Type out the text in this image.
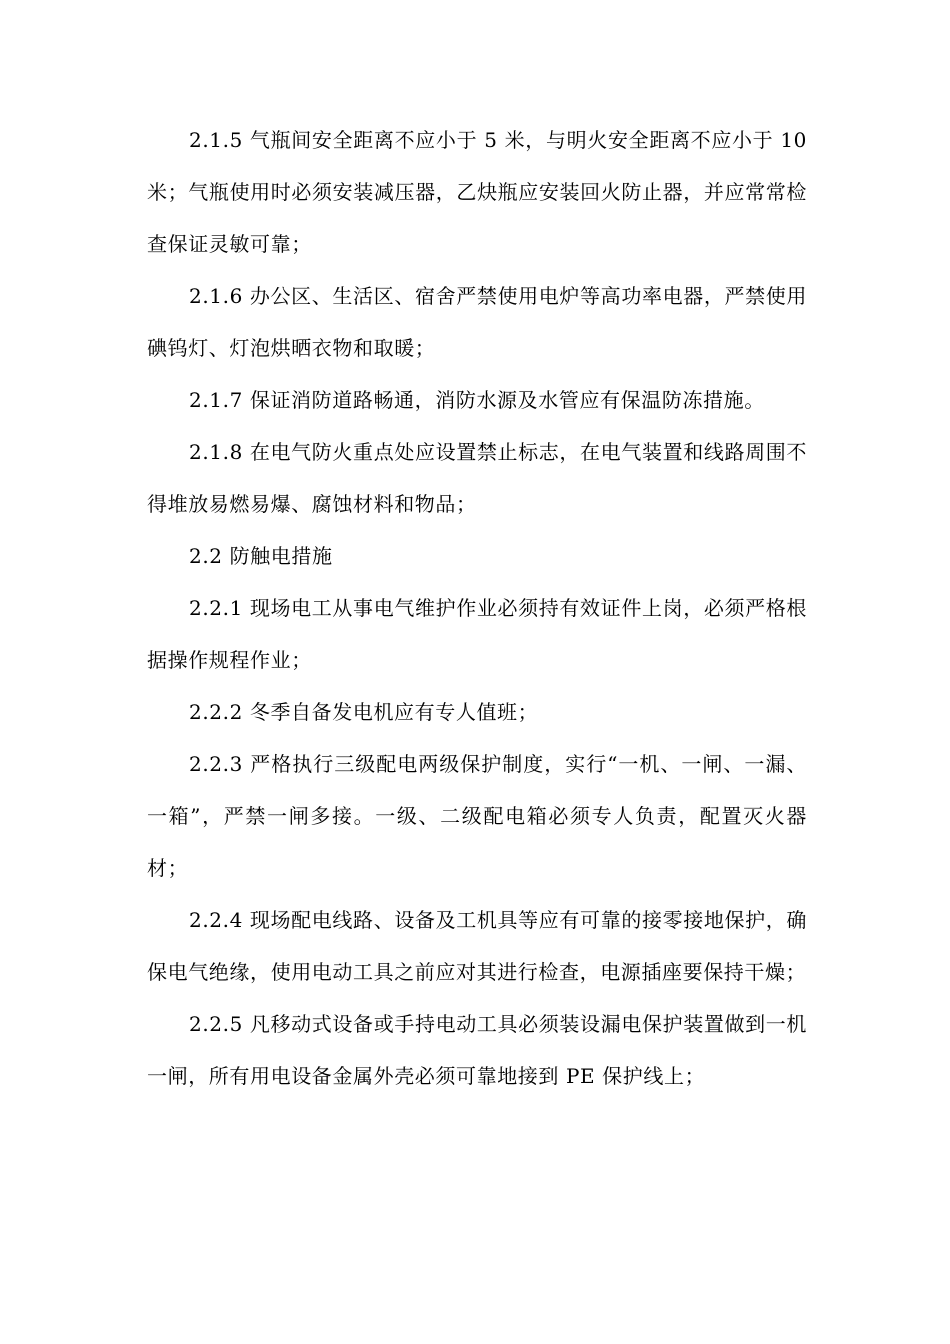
2.1.5 气瓶间安全距离不应小于 5 米，与明火安全距离不应小于 10 米；气瓶使用时必须安装减压器，乙炔瓶应安装回火防止器，并应常常检查保证灵敏可靠；

2.1.6 办公区、生活区、宿舍严禁使用电炉等高功率电器，严禁使用碘钨灯、灯泡烘晒衣物和取暖；

2.1.7 保证消防道路畅通，消防水源及水管应有保温防冻措施。

2.1.8 在电气防火重点处应设置禁止标志，在电气装置和线路周围不得堆放易燃易爆、腐蚀材料和物品；

2.2 防触电措施

2.2.1 现场电工从事电气维护作业必须持有效证件上岗，必须严格根据操作规程作业；

2.2.2 冬季自备发电机应有专人值班；

2.2.3 严格执行三级配电两级保护制度，实行“一机、一闸、一漏、一箱”，严禁一闸多接。一级、二级配电箱必须专人负责，配置灭火器材；

2.2.4 现场配电线路、设备及工机具等应有可靠的接零接地保护，确保电气绝缘，使用电动工具之前应对其进行检查，电源插座要保持干燥；

2.2.5 凡移动式设备或手持电动工具必须装设漏电保护装置做到一机一闸，所有用电设备金属外壳必须可靠地接到 PE 保护线上；
